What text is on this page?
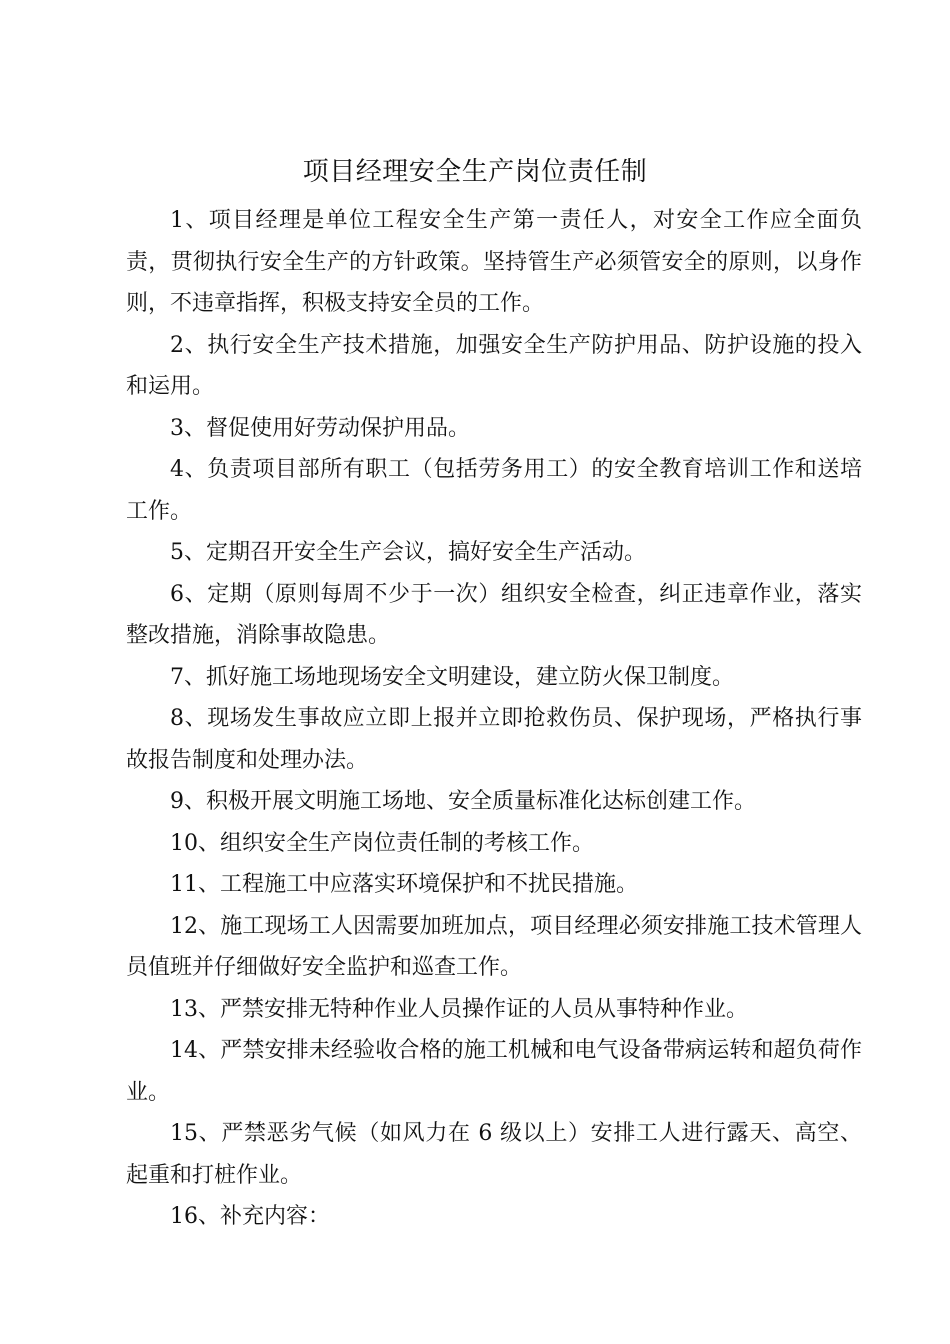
项目经理安全生产岗位责任制

1、项目经理是单位工程安全生产第一责任人，对安全工作应全面负责，贯彻执行安全生产的方针政策。坚持管生产必须管安全的原则，以身作则，不违章指挥，积极支持安全员的工作。

2、执行安全生产技术措施，加强安全生产防护用品、防护设施的投入和运用。

3、督促使用好劳动保护用品。

4、负责项目部所有职工（包括劳务用工）的安全教育培训工作和送培工作。

5、定期召开安全生产会议，搞好安全生产活动。

6、定期（原则每周不少于一次）组织安全检查，纠正违章作业，落实整改措施，消除事故隐患。

7、抓好施工场地现场安全文明建设，建立防火保卫制度。

8、现场发生事故应立即上报并立即抢救伤员、保护现场，严格执行事故报告制度和处理办法。

9、积极开展文明施工场地、安全质量标准化达标创建工作。

10、组织安全生产岗位责任制的考核工作。

11、工程施工中应落实环境保护和不扰民措施。

12、施工现场工人因需要加班加点，项目经理必须安排施工技术管理人员值班并仔细做好安全监护和巡查工作。

13、严禁安排无特种作业人员操作证的人员从事特种作业。

14、严禁安排未经验收合格的施工机械和电气设备带病运转和超负荷作业。

15、严禁恶劣气候（如风力在 6 级以上）安排工人进行露天、高空、起重和打桩作业。

16、补充内容：
